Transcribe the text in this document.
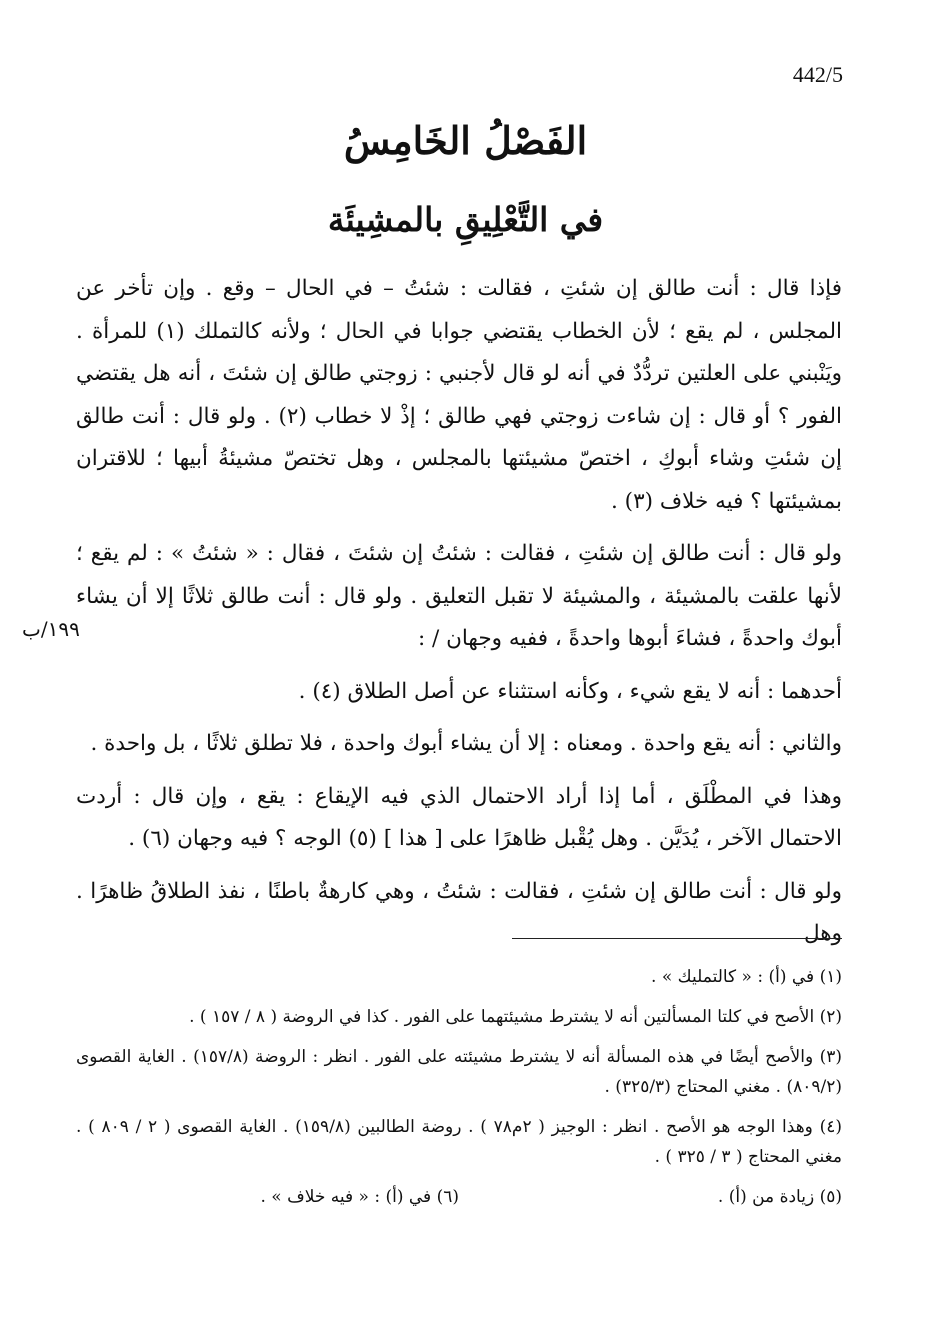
442/5
الفَصْلُ الخَامِسُ
في التَّعْلِيقِ بالمشِيئَة

فإذا قال : أنت طالق إن شئتِ ، فقالت : شئتُ – في الحال – وقع . وإن تأخر عن المجلس ، لم يقع ؛ لأن الخطاب يقتضي جوابا في الحال ؛ ولأنه كالتملك (١) للمرأة . ويَنْبني على العلتين تردُّدٌ في أنه لو قال لأجنبي : زوجتي طالق إن شئتَ ، أنه هل يقتضي الفور ؟ أو قال : إن شاءت زوجتي فهي طالق ؛ إذْ لا خطاب (٢) . ولو قال : أنت طالق إن شئتِ وشاء أبوكِ ، اختصّ مشيئتها بالمجلس ، وهل تختصّ مشيئةُ أبيها ؛ للاقتران بمشيئتها ؟ فيه خلاف (٣) .

ولو قال : أنت طالق إن شئتِ ، فقالت : شئتُ إن شئتَ ، فقال : « شئتُ » : لم يقع ؛ لأنها علقت بالمشيئة ، والمشيئة لا تقبل التعليق . ولو قال : أنت طالق ثلاثًا إلا أن يشاء أبوك واحدةً ، فشاءَ أبوها واحدةً ، ففيه وجهان / :

أحدهما : أنه لا يقع شيء ، وكأنه استثناء عن أصل الطلاق (٤) .

والثاني : أنه يقع واحدة . ومعناه : إلا أن يشاء أبوك واحدة ، فلا تطلق ثلاثًا ، بل واحدة .

وهذا في المطْلَق ، أما إذا أراد الاحتمال الذي فيه الإيقاع : يقع ، وإن قال : أردت الاحتمال الآخر ، يُدَيَّن . وهل يُقْبل ظاهرًا على [ هذا ] (٥) الوجه ؟ فيه وجهان (٦) .

ولو قال : أنت طالق إن شئتِ ، فقالت : شئتُ ، وهي كارهةٌ باطنًا ، نفذ الطلاقُ ظاهرًا . وهل

١٩٩/ب
(١) في (أ) : « كالتمليك » .
(٢) الأصح في كلتا المسألتين أنه لا يشترط مشيئتهما على الفور . كذا في الروضة ( ٨ / ١٥٧ ) .
(٣) والأصح أيضًا في هذه المسألة أنه لا يشترط مشيئته على الفور . انظر : الروضة (١٥٧/٨) . الغاية القصوى (٨٠٩/٢) . مغني المحتاج (٣٢٥/٣) .
(٤) وهذا الوجه هو الأصح . انظر : الوجيز ( ٢م٧٨ ) . روضة الطالبين (١٥٩/٨) . الغاية القصوى ( ٢ / ٨٠٩ ) . مغني المحتاج ( ٣ / ٣٢٥ ) .
(٥) زيادة من (أ) .
(٦) في (أ) : « فيه خلاف » .
